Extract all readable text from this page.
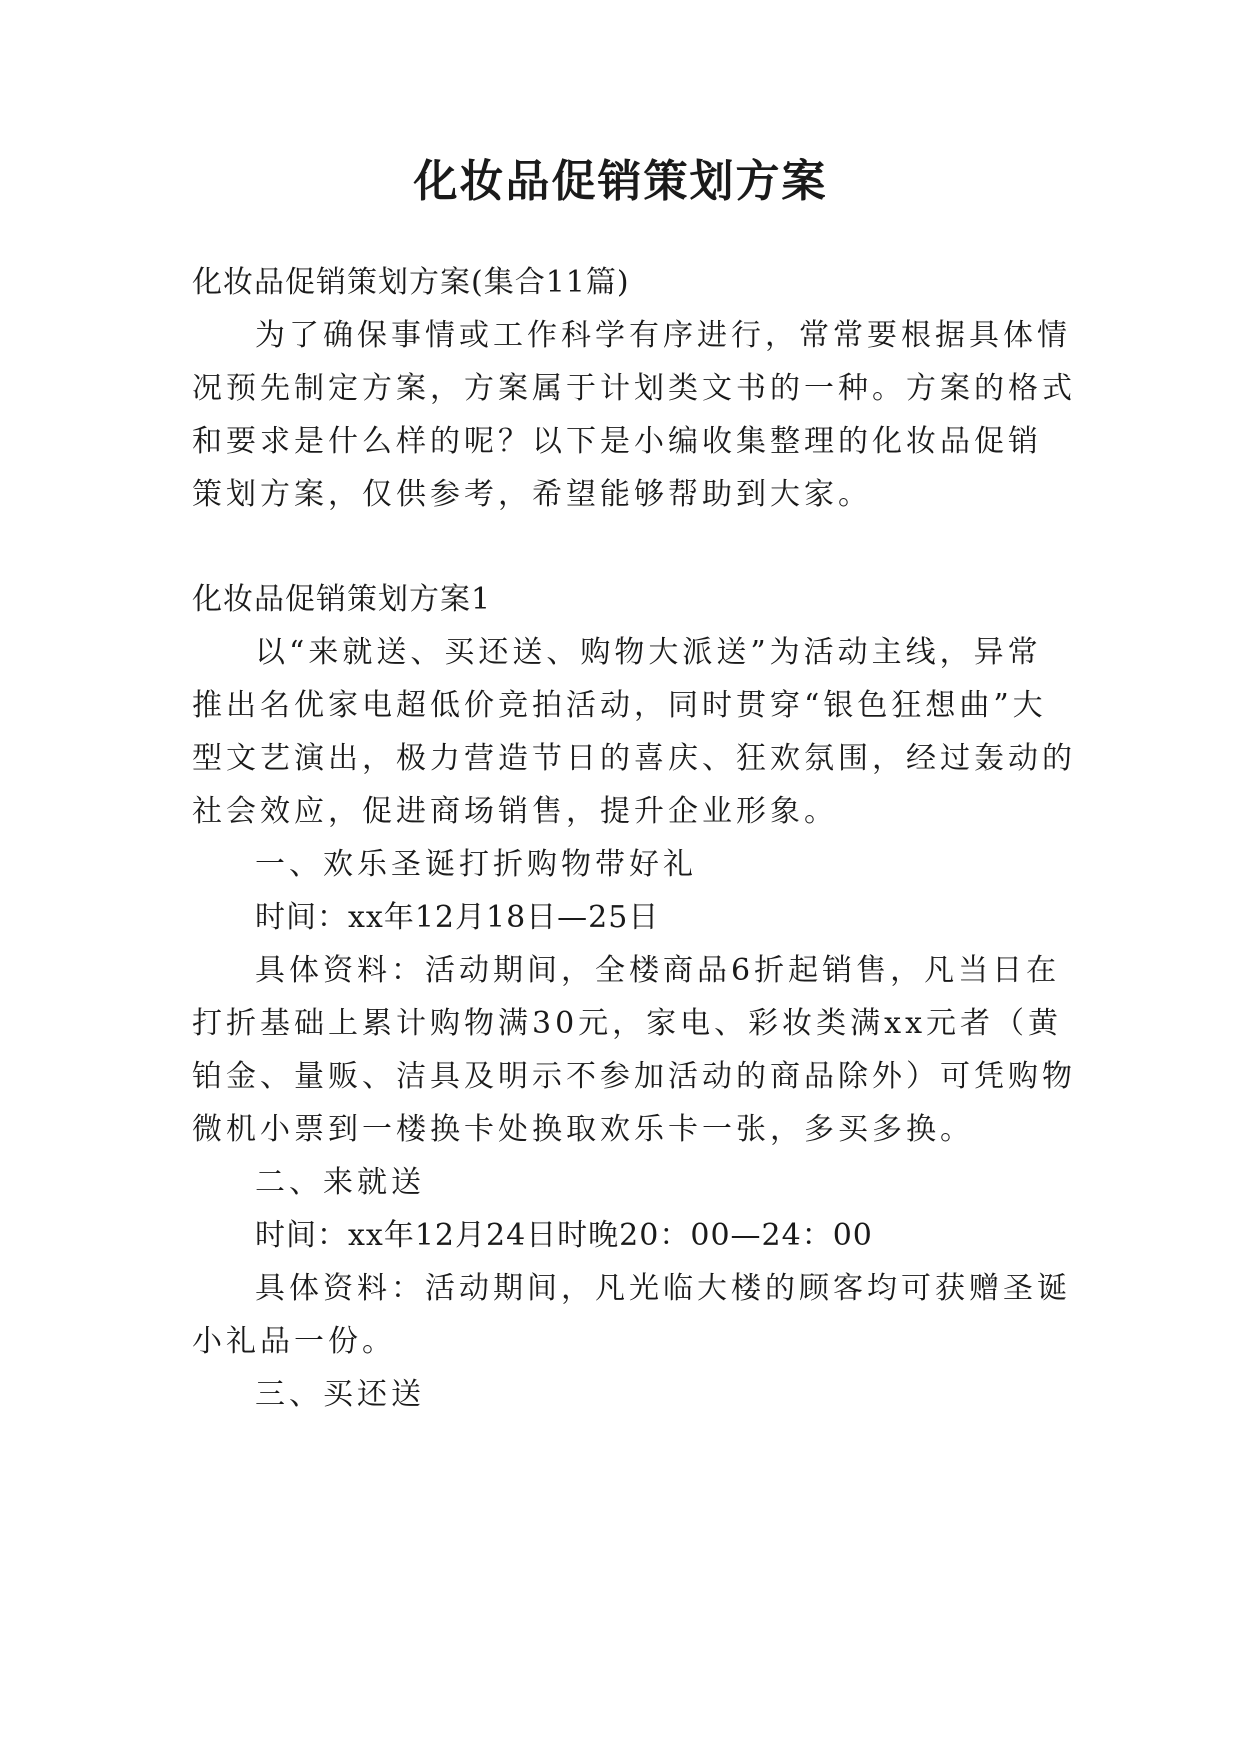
化妆品促销策划方案
化妆品促销策划方案(集合11篇)
为了确保事情或工作科学有序进行，常常要根据具体情
况预先制定方案，方案属于计划类文书的一种。方案的格式
和要求是什么样的呢？以下是小编收集整理的化妆品促销
策划方案，仅供参考，希望能够帮助到大家。
化妆品促销策划方案1
以“来就送、买还送、购物大派送”为活动主线，异常
推出名优家电超低价竞拍活动，同时贯穿“银色狂想曲”大
型文艺演出，极力营造节日的喜庆、狂欢氛围，经过轰动的
社会效应，促进商场销售，提升企业形象。
一、欢乐圣诞打折购物带好礼
时间：xx年12月18日—25日
具体资料：活动期间，全楼商品6折起销售，凡当日在
打折基础上累计购物满30元，家电、彩妆类满xx元者（黄
铂金、量贩、洁具及明示不参加活动的商品除外）可凭购物
微机小票到一楼换卡处换取欢乐卡一张，多买多换。
二、来就送
时间：xx年12月24日时晚20：00—24：00
具体资料：活动期间，凡光临大楼的顾客均可获赠圣诞
小礼品一份。
三、买还送
